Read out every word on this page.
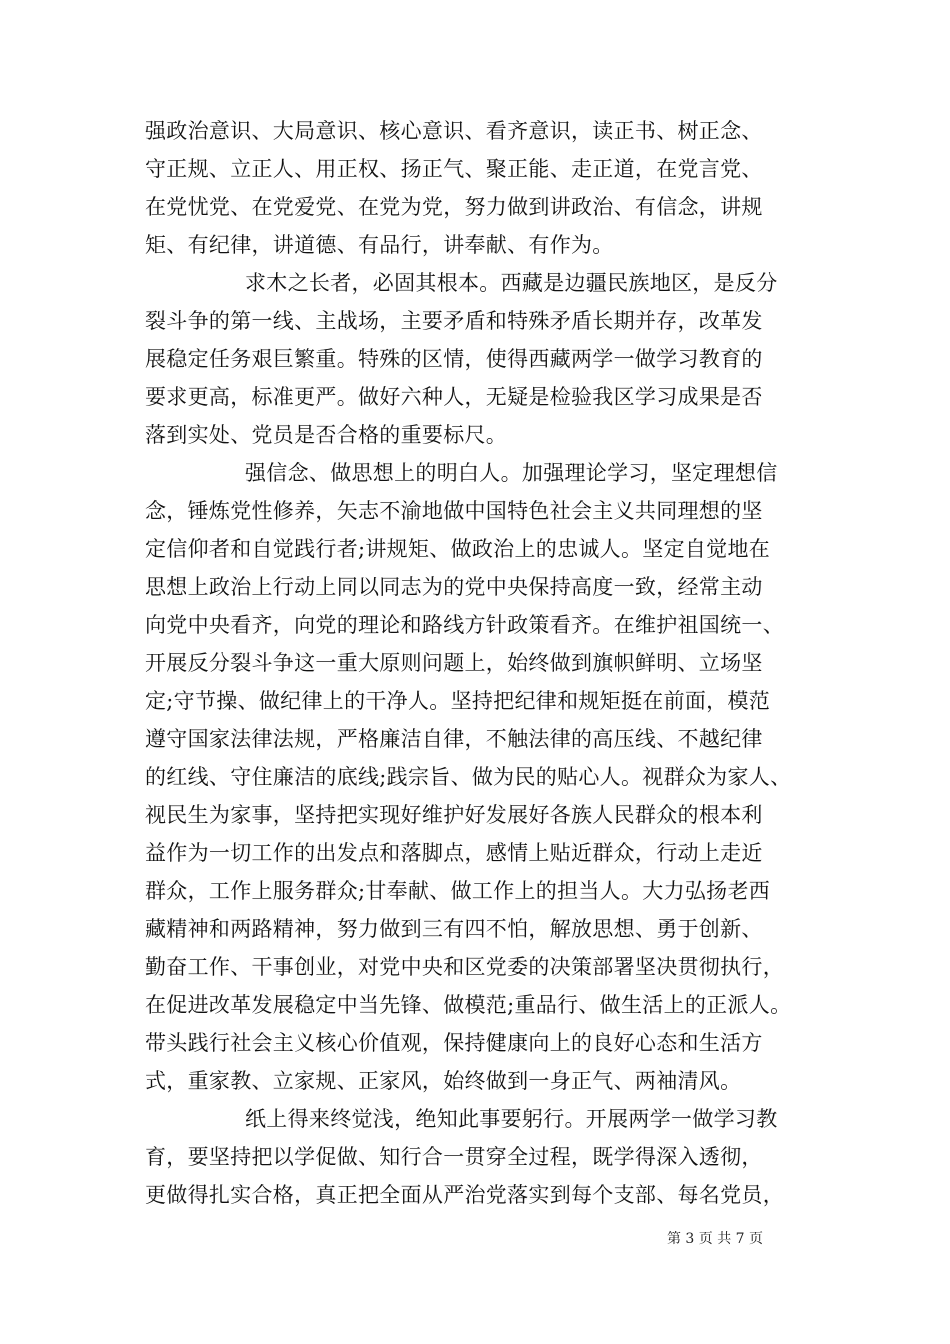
强政治意识、大局意识、核心意识、看齐意识，读正书、树正念、
守正规、立正人、用正权、扬正气、聚正能、走正道，在党言党、
在党忧党、在党爱党、在党为党，努力做到讲政治、有信念，讲规
矩、有纪律，讲道德、有品行，讲奉献、有作为。

求木之长者，必固其根本。西藏是边疆民族地区，是反分
裂斗争的第一线、主战场，主要矛盾和特殊矛盾长期并存，改革发
展稳定任务艰巨繁重。特殊的区情，使得西藏两学一做学习教育的
要求更高，标准更严。做好六种人，无疑是检验我区学习成果是否
落到实处、党员是否合格的重要标尺。

强信念、做思想上的明白人。加强理论学习，坚定理想信
念，锤炼党性修养，矢志不渝地做中国特色社会主义共同理想的坚
定信仰者和自觉践行者;讲规矩、做政治上的忠诚人。坚定自觉地在
思想上政治上行动上同以同志为的党中央保持高度一致，经常主动
向党中央看齐，向党的理论和路线方针政策看齐。在维护祖国统一、
开展反分裂斗争这一重大原则问题上，始终做到旗帜鲜明、立场坚
定;守节操、做纪律上的干净人。坚持把纪律和规矩挺在前面，模范
遵守国家法律法规，严格廉洁自律，不触法律的高压线、不越纪律
的红线、守住廉洁的底线;践宗旨、做为民的贴心人。视群众为家人、
视民生为家事，坚持把实现好维护好发展好各族人民群众的根本利
益作为一切工作的出发点和落脚点，感情上贴近群众，行动上走近
群众，工作上服务群众;甘奉献、做工作上的担当人。大力弘扬老西
藏精神和两路精神，努力做到三有四不怕，解放思想、勇于创新、
勤奋工作、干事创业，对党中央和区党委的决策部署坚决贯彻执行，
在促进改革发展稳定中当先锋、做模范;重品行、做生活上的正派人。
带头践行社会主义核心价值观，保持健康向上的良好心态和生活方
式，重家教、立家规、正家风，始终做到一身正气、两袖清风。

纸上得来终觉浅，绝知此事要躬行。开展两学一做学习教
育，要坚持把以学促做、知行合一贯穿全过程，既学得深入透彻，
更做得扎实合格，真正把全面从严治党落实到每个支部、每名党员，

第 3 页 共 7 页
